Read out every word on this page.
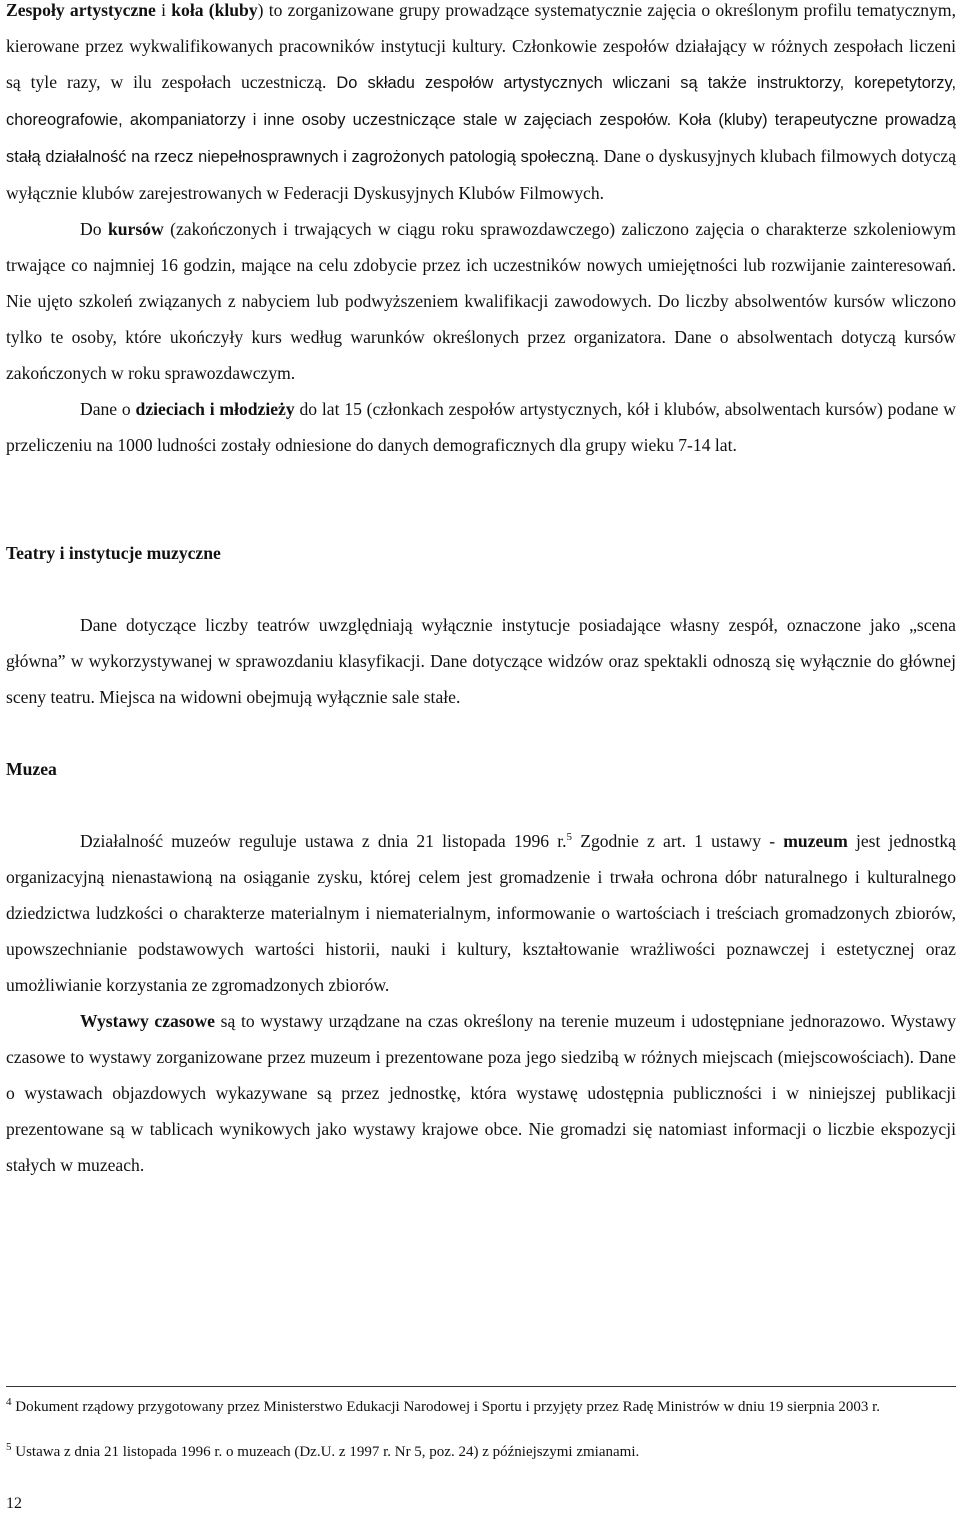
Zespoły artystyczne i koła (kluby) to zorganizowane grupy prowadzące systematycznie zajęcia o określonym profilu tematycznym, kierowane przez wykwalifikowanych pracowników instytucji kultury. Członkowie zespołów działający w różnych zespołach liczeni są tyle razy, w ilu zespołach uczestniczą. Do składu zespołów artystycznych wliczani są także instruktorzy, korepetytorzy, choreografowie, akompaniatorzy i inne osoby uczestniczące stale w zajęciach zespołów. Koła (kluby) terapeutyczne prowadzą stałą działalność na rzecz niepełnosprawnych i zagrożonych patologią społeczną. Dane o dyskusyjnych klubach filmowych dotyczą wyłącznie klubów zarejestrowanych w Federacji Dyskusyjnych Klubów Filmowych.

Do kursów (zakończonych i trwających w ciągu roku sprawozdawczego) zaliczono zajęcia o charakterze szkoleniowym trwające co najmniej 16 godzin, mające na celu zdobycie przez ich uczestników nowych umiejętności lub rozwijanie zainteresowań. Nie ujęto szkoleń związanych z nabyciem lub podwyższeniem kwalifikacji zawodowych. Do liczby absolwentów kursów wliczono tylko te osoby, które ukończyły kurs według warunków określonych przez organizatora. Dane o absolwentach dotyczą kursów zakończonych w roku sprawozdawczym.

Dane o dzieciach i młodzieży do lat 15 (członkach zespołów artystycznych, kół i klubów, absolwentach kursów) podane w przeliczeniu na 1000 ludności zostały odniesione do danych demograficznych dla grupy wieku 7-14 lat.

Teatry i instytucje muzyczne

Dane dotyczące liczby teatrów uwzględniają wyłącznie instytucje posiadające własny zespół, oznaczone jako „scena główna” w wykorzystywanej w sprawozdaniu klasyfikacji. Dane dotyczące widzów oraz spektakli odnoszą się wyłącznie do głównej sceny teatru. Miejsca na widowni obejmują wyłącznie sale stałe.

Muzea

Działalność muzeów reguluje ustawa z dnia 21 listopada 1996 r.$^5$ Zgodnie z art. 1 ustawy - muzeum jest jednostką organizacyjną nienastawioną na osiąganie zysku, której celem jest gromadzenie i trwała ochrona dóbr naturalnego i kulturalnego dziedzictwa ludzkości o charakterze materialnym i niematerialnym, informowanie o wartościach i treściach gromadzonych zbiorów, upowszechnianie podstawowych wartości historii, nauki i kultury, kształtowanie wrażliwości poznawczej i estetycznej oraz umożliwianie korzystania ze zgromadzonych zbiorów.

Wystawy czasowe są to wystawy urządzane na czas określony na terenie muzeum i udostępniane jednorazowo. Wystawy czasowe to wystawy zorganizowane przez muzeum i prezentowane poza jego siedzibą w różnych miejscach (miejscowościach). Dane o wystawach objazdowych wykazywane są przez jednostkę, która wystawę udostępnia publiczności i w niniejszej publikacji prezentowane są w tablicach wynikowych jako wystawy krajowe obce. Nie gromadzi się natomiast informacji o liczbie ekspozycji stałych w muzeach.

$^4$ Dokument rządowy przygotowany przez Ministerstwo Edukacji Narodowej i Sportu i przyjęty przez Radę Ministrów w dniu 19 sierpnia 2003 r.

$^5$ Ustawa z dnia 21 listopada 1996 r. o muzeach (Dz.U. z 1997 r. Nr 5, poz. 24) z późniejszymi zmianami.

12
